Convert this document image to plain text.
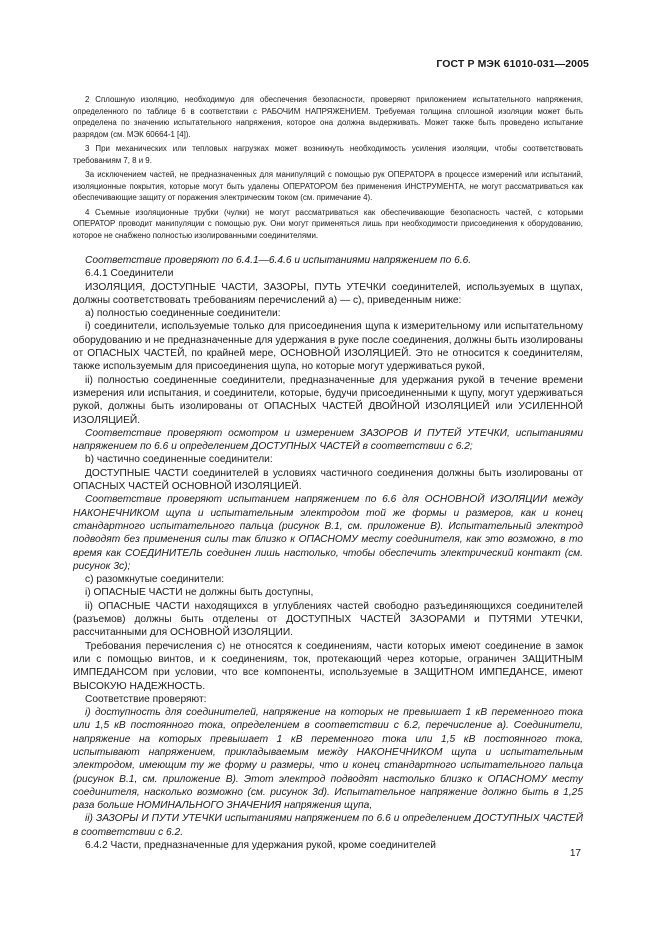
ГОСТ Р МЭК 61010-031—2005

2 Сплошную изоляцию, необходимую для обеспечения безопасности, проверяют приложением испытательного напряжения, определенного по таблице 6 в соответствии с РАБОЧИМ НАПРЯЖЕНИЕМ. Требуемая толщина сплошной изоляции может быть определена по значению испытательного напряжения, которое она должна выдерживать. Может также быть проведено испытание разрядом (см. МЭК 60664-1 [4]).

3 При механических или тепловых нагрузках может возникнуть необходимость усиления изоляции, чтобы соответствовать требованиям 7, 8 и 9.

За исключением частей, не предназначенных для манипуляций с помощью рук ОПЕРАТОРА в процессе измерений или испытаний, изоляционные покрытия, которые могут быть удалены ОПЕРАТОРОМ без применения ИНСТРУМЕНТА, не могут рассматриваться как обеспечивающие защиту от поражения электрическим током (см. примечание 4).

4 Съемные изоляционные трубки (чулки) не могут рассматриваться как обеспечивающие безопасность частей, с которыми ОПЕРАТОР проводит манипуляции с помощью рук. Они могут применяться лишь при необходимости присоединения к оборудованию, которое не снабжено полностью изолированными соединителями.

Соответствие проверяют по 6.4.1—6.4.6 и испытаниями напряжением по 6.6.

6.4.1 Соединители

ИЗОЛЯЦИЯ, ДОСТУПНЫЕ ЧАСТИ, ЗАЗОРЫ, ПУТЬ УТЕЧКИ соединителей, используемых в щупах, должны соответствовать требованиям перечислений а) — с), приведенным ниже:

а) полностью соединенные соединители:

i) соединители, используемые только для присоединения щупа к измерительному или испытательному оборудованию и не предназначенные для удержания в руке после соединения, должны быть изолированы от ОПАСНЫХ ЧАСТЕЙ, по крайней мере, ОСНОВНОЙ ИЗОЛЯЦИЕЙ. Это не относится к соединителям, также используемым для присоединения щупа, но которые могут удерживаться рукой,

ii) полностью соединенные соединители, предназначенные для удержания рукой в течение времени измерения или испытания, и соединители, которые, будучи присоединенными к щупу, могут удерживаться рукой, должны быть изолированы от ОПАСНЫХ ЧАСТЕЙ ДВОЙНОЙ ИЗОЛЯЦИЕЙ или УСИЛЕННОЙ ИЗОЛЯЦИЕЙ.

Соответствие проверяют осмотром и измерением ЗАЗОРОВ И ПУТЕЙ УТЕЧКИ, испытаниями напряжением по 6.6 и определением ДОСТУПНЫХ ЧАСТЕЙ в соответствии с 6.2;

b) частично соединенные соединители:

ДОСТУПНЫЕ ЧАСТИ соединителей в условиях частичного соединения должны быть изолированы от ОПАСНЫХ ЧАСТЕЙ ОСНОВНОЙ ИЗОЛЯЦИЕЙ.

Соответствие проверяют испытанием напряжением по 6.6 для ОСНОВНОЙ ИЗОЛЯЦИИ между НАКОНЕЧНИКОМ щупа и испытательным электродом той же формы и размеров, как и конец стандартного испытательного пальца (рисунок В.1, см. приложение В). Испытательный электрод подводят без применения силы так близко к ОПАСНОМУ месту соединителя, как это возможно, в то время как СОЕДИНИТЕЛЬ соединен лишь настолько, чтобы обеспечить электрический контакт (см. рисунок 3с);

с) разомкнутые соединители:

i) ОПАСНЫЕ ЧАСТИ не должны быть доступны,

ii) ОПАСНЫЕ ЧАСТИ находящихся в углублениях частей свободно разъединяющихся соединителей (разъемов) должны быть отделены от ДОСТУПНЫХ ЧАСТЕЙ ЗАЗОРАМИ и ПУТЯМИ УТЕЧКИ, рассчитанными для ОСНОВНОЙ ИЗОЛЯЦИИ.

Требования перечисления с) не относятся к соединениям, части которых имеют соединение в замок или с помощью винтов, и к соединениям, ток, протекающий через которые, ограничен ЗАЩИТНЫМ ИМПЕДАНСОМ при условии, что все компоненты, используемые в ЗАЩИТНОМ ИМПЕДАНСЕ, имеют ВЫСОКУЮ НАДЕЖНОСТЬ.

Соответствие проверяют:

i) доступность для соединителей, напряжение на которых не превышает 1 кВ переменного тока или 1,5 кВ постоянного тока, определением в соответствии с 6.2, перечисление а). Соединители, напряжение на которых превышает 1 кВ переменного тока или 1,5 кВ постоянного тока, испытывают напряжением, прикладываемым между НАКОНЕЧНИКОМ щупа и испытательным электродом, имеющим ту же форму и размеры, что и конец стандартного испытательного пальца (рисунок В.1, см. приложение В). Этот электрод подводят настолько близко к ОПАСНОМУ месту соединителя, насколько возможно (см. рисунок 3d). Испытательное напряжение должно быть в 1,25 раза больше НОМИНАЛЬНОГО ЗНАЧЕНИЯ напряжения щупа,

ii) ЗАЗОРЫ И ПУТИ УТЕЧКИ испытаниями напряжением по 6.6 и определением ДОСТУПНЫХ ЧАСТЕЙ в соответствии с 6.2.

6.4.2 Части, предназначенные для удержания рукой, кроме соединителей

17
